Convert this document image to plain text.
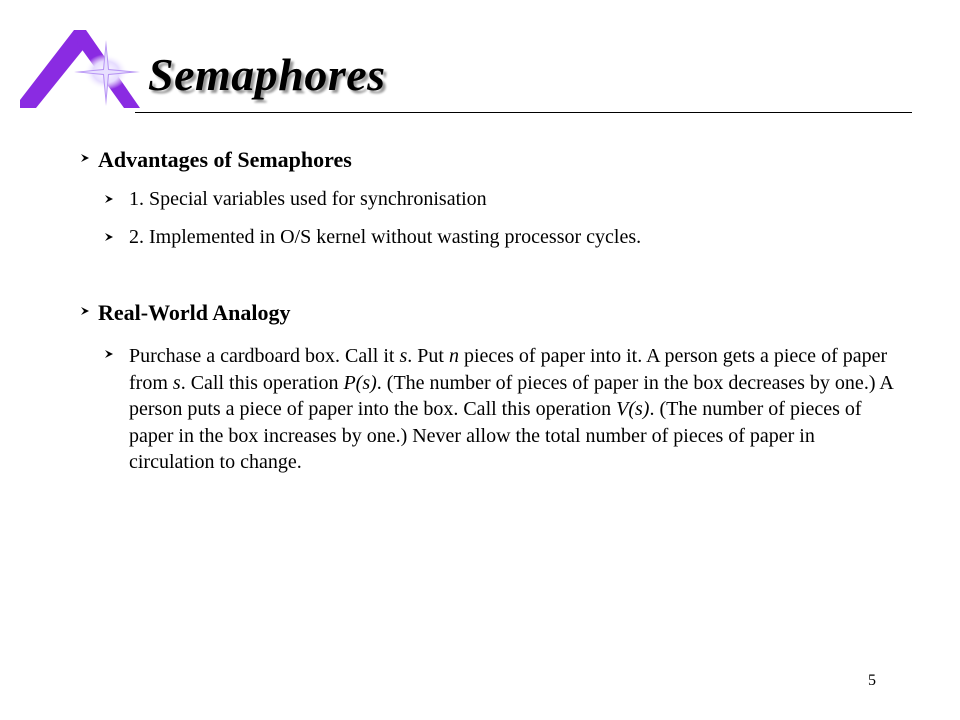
Semaphores
Advantages of Semaphores
1. Special variables used for synchronisation
2. Implemented in O/S kernel without wasting processor cycles.
Real-World Analogy
Purchase a cardboard box. Call it s. Put n pieces of paper into it. A person gets a piece of paper from s. Call this operation P(s). (The number of pieces of paper in the box decreases by one.) A person puts a piece of paper into the box. Call this operation V(s). (The number of pieces of paper in the box increases by one.) Never allow the total number of pieces of paper in circulation to change.
5
